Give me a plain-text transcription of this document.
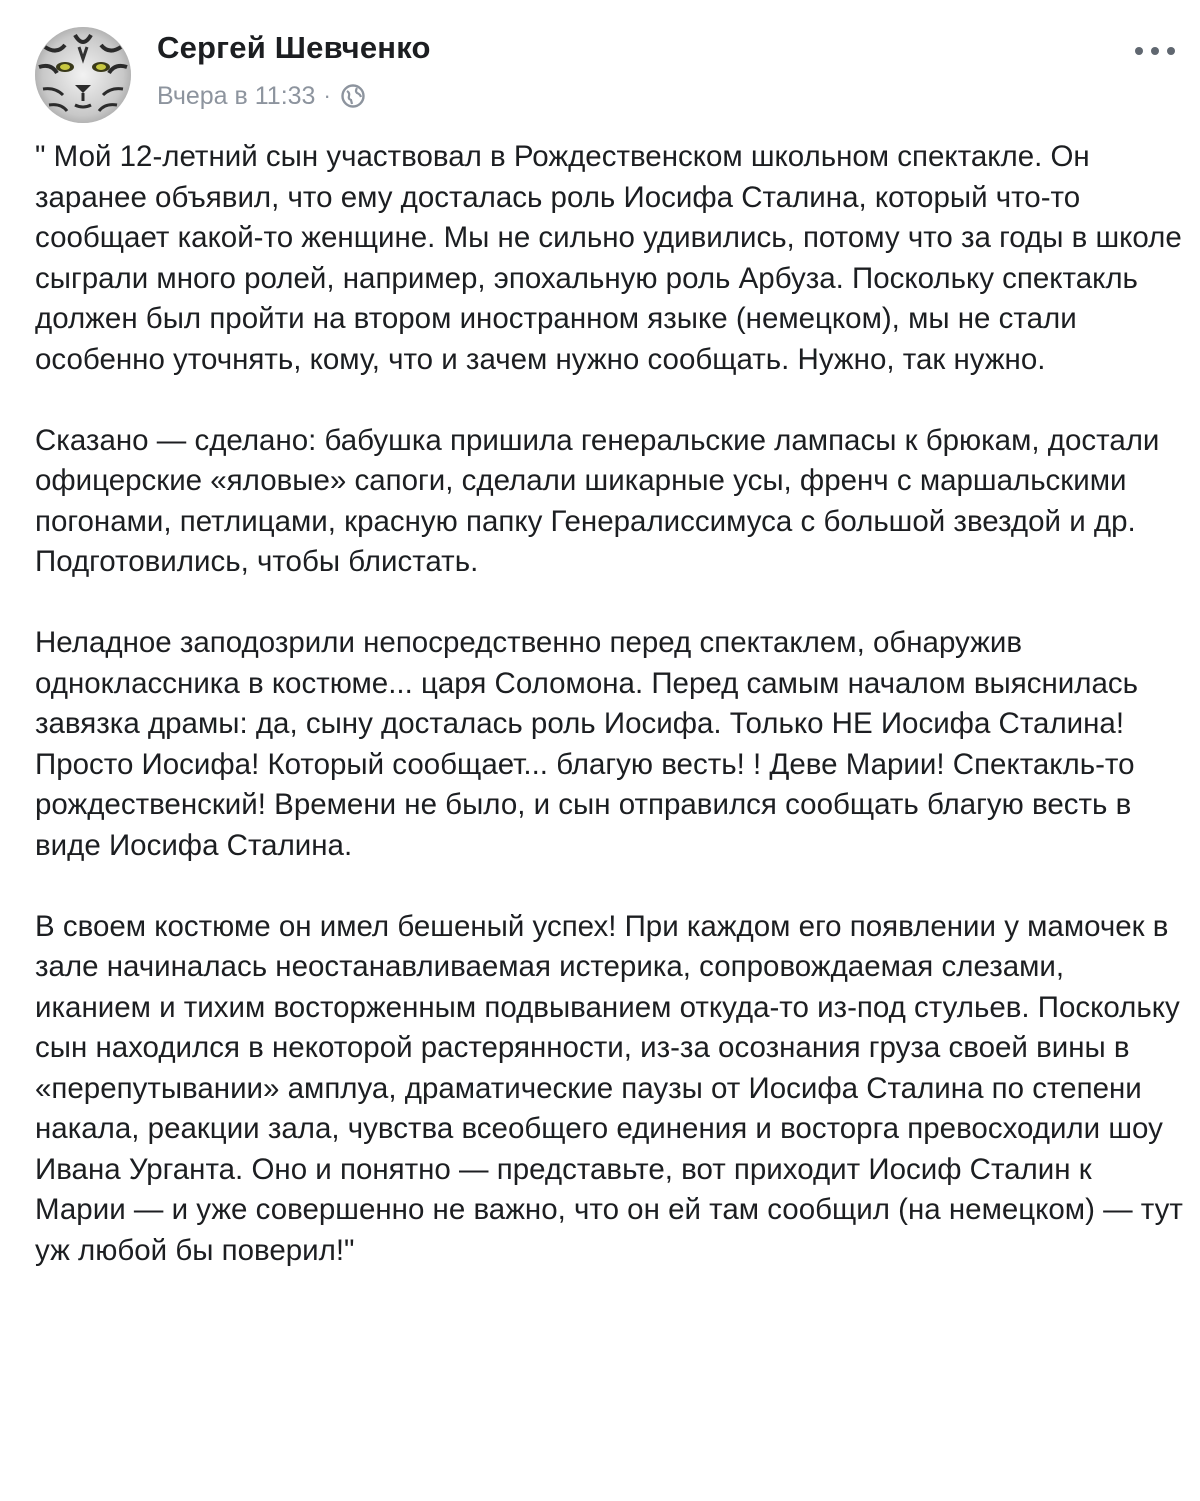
Сергей Шевченко
Вчера в 11:33 ·

" Мой 12-летний сын участвовал в Рождественском школьном спектакле. Он заранее объявил, что ему досталась роль Иосифа Сталина, который что-то сообщает какой-то женщине. Мы не сильно удивились, потому что за годы в школе сыграли много ролей, например, эпохальную роль Арбуза. Поскольку спектакль должен был пройти на втором иностранном языке (немецком), мы не стали особенно уточнять, кому, что и зачем нужно сообщать. Нужно, так нужно.

Сказано — сделано: бабушка пришила генеральские лампасы к брюкам, достали офицерские «яловые» сапоги, сделали шикарные усы, френч с маршальскими погонами, петлицами, красную папку Генералиссимуса с большой звездой и др. Подготовились, чтобы блистать.

Неладное заподозрили непосредственно перед спектаклем, обнаружив одноклассника в костюме... царя Соломона. Перед самым началом выяснилась завязка драмы: да, сыну досталась роль Иосифа. Только НЕ Иосифа Сталина! Просто Иосифа! Который сообщает... благую весть! ! Деве Марии! Спектакль-то рождественский! Времени не было, и сын отправился сообщать благую весть в виде Иосифа Сталина.

В своем костюме он имел бешеный успех! При каждом его появлении у мамочек в зале начиналась неостанавливаемая истерика, сопровождаемая слезами, иканием и тихим восторженным подвыванием откуда-то из-под стульев. Поскольку сын находился в некоторой растерянности, из-за осознания груза своей вины в «перепутывании» амплуа, драматические паузы от Иосифа Сталина по степени накала, реакции зала, чувства всеобщего единения и восторга превосходили шоу Ивана Урганта. Оно и понятно — представьте, вот приходит Иосиф Сталин к Марии — и уже совершенно не важно, что он ей там сообщил (на немецком) — тут уж любой бы поверил!"
